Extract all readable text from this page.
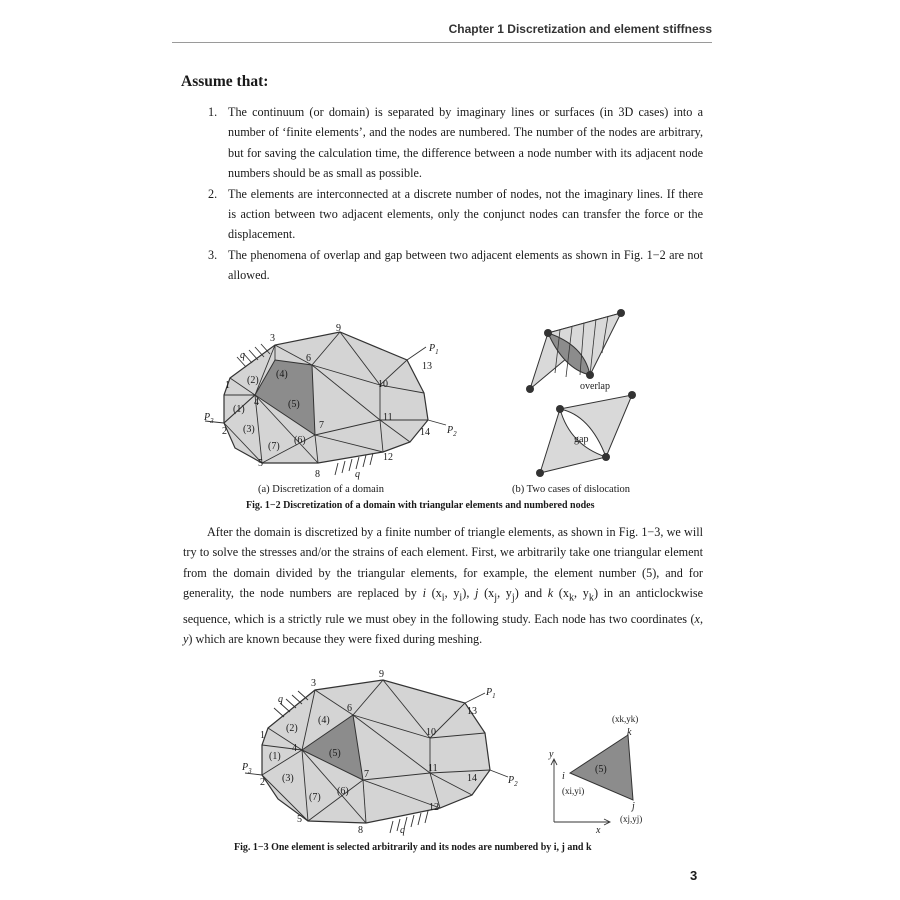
Chapter 1 Discretization and element stiffness
Assume that:
1. The continuum (or domain) is separated by imaginary lines or surfaces (in 3D cases) into a number of ‘finite elements’, and the nodes are numbered. The number of the nodes are arbitrary, but for saving the calculation time, the difference between a node number with its adjacent node numbers should be as small as possible.
2. The elements are interconnected at a discrete number of nodes, not the imaginary lines. If there is action between two adjacent elements, only the conjunct nodes can transfer the force or the displacement.
3. The phenomena of overlap and gap between two adjacent elements as shown in Fig. 1−2 are not allowed.
1
2
3
4
5
6
7
8
9
10
11
12
13
14
(1)
(2)
(3)
(4)
(5)
(6)
(7)
q
q
$P_1$
$P_2$
$P_3$
overlap
gap
(a) Discretization of a domain	(b) Two cases of dislocation
Fig. 1−2 Discretization of a domain with triangular elements and numbered nodes
After the domain is discretized by a finite number of triangle elements, as shown in Fig. 1−3, we will try to solve the stresses and/or the strains of each element. First, we arbitrarily take one triangular element from the domain divided by the triangular elements, for example, the element number (5), and for generality, the node numbers are replaced by i ($x_i$, $y_i$), j ($x_j$, $y_j$) and k ($x_k$, $y_k$) in an anticlockwise sequence, which is a strictly rule we must obey in the following study. Each node has two coordinates (x, y) which are known because they were fixed during meshing.
1
2
3
4
5
6
7
8
9
10
11
12
13
14
(1)
(2)
(3)
(4)
(5)
(6)
(7)
q
q
$P_1$
$P_2$
$P_3$
y
x
(5)
i
(xi,yi)
k
(xk,yk)
j
(xj,yj)
Fig. 1−3 One element is selected arbitrarily and its nodes are numbered by i, j and k
3
